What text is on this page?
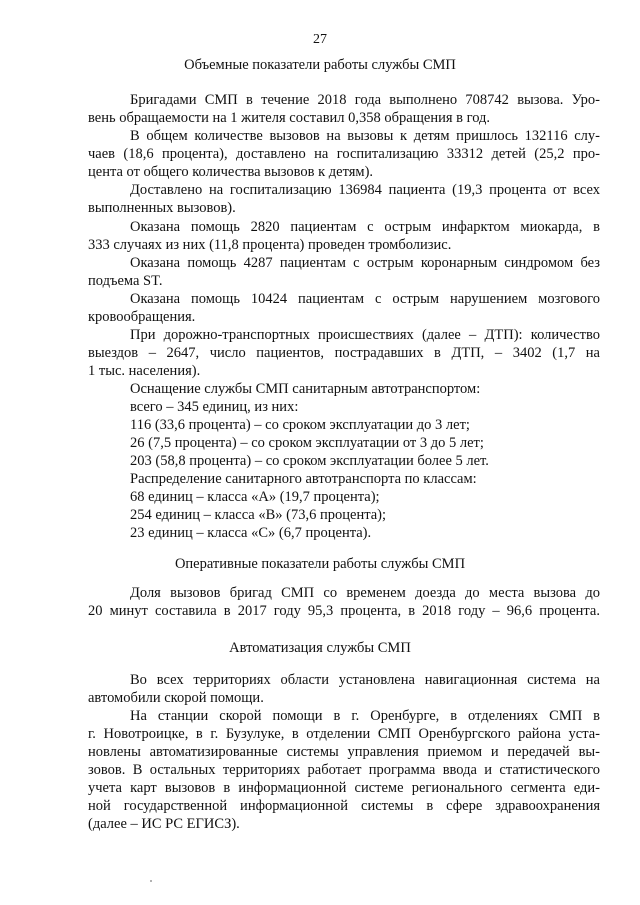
27
Объемные показатели работы службы СМП
Бригадами СМП в течение 2018 года выполнено 708742 вызова. Уро-
вень обращаемости на 1 жителя составил 0,358 обращения в год.
В общем количестве вызовов на вызовы к детям пришлось 132116 слу-
чаев (18,6 процента), доставлено на госпитализацию 33312 детей (25,2 про-
цента от общего количества вызовов к детям).
Доставлено на госпитализацию 136984 пациента (19,3 процента от всех
выполненных вызовов).
Оказана помощь 2820 пациентам с острым инфарктом миокарда, в
333 случаях из них (11,8 процента) проведен тромболизис.
Оказана помощь 4287 пациентам с острым коронарным синдромом без
подъема ST.
Оказана помощь 10424 пациентам с острым нарушением мозгового
кровообращения.
При дорожно-транспортных происшествиях (далее – ДТП): количество
выездов – 2647, число пациентов, пострадавших в ДТП, – 3402 (1,7 на
1 тыс. населения).
Оснащение службы СМП санитарным автотранспортом:
всего – 345 единиц, из них:
116 (33,6 процента) – со сроком эксплуатации до 3 лет;
26 (7,5 процента) – со сроком эксплуатации от 3 до 5 лет;
203 (58,8 процента) – со сроком эксплуатации более 5 лет.
Распределение санитарного автотранспорта по классам:
68 единиц – класса «А» (19,7 процента);
254 единиц – класса «В» (73,6 процента);
23 единиц – класса «С» (6,7 процента).
Оперативные показатели работы службы СМП
Доля вызовов бригад СМП со временем доезда до места вызова до
20 минут составила в 2017 году 95,3 процента, в 2018 году – 96,6 процента.
Автоматизация службы СМП
Во всех территориях области установлена навигационная система на
автомобили скорой помощи.
На станции скорой помощи в г. Оренбурге, в отделениях СМП в
г. Новотроицке, в г. Бузулуке, в отделении СМП Оренбургского района уста-
новлены автоматизированные системы управления приемом и передачей вы-
зовов. В остальных территориях работает программа ввода и статистического
учета карт вызовов в информационной системе регионального сегмента еди-
ной государственной информационной системы в сфере здравоохранения
(далее – ИС РС ЕГИСЗ).
